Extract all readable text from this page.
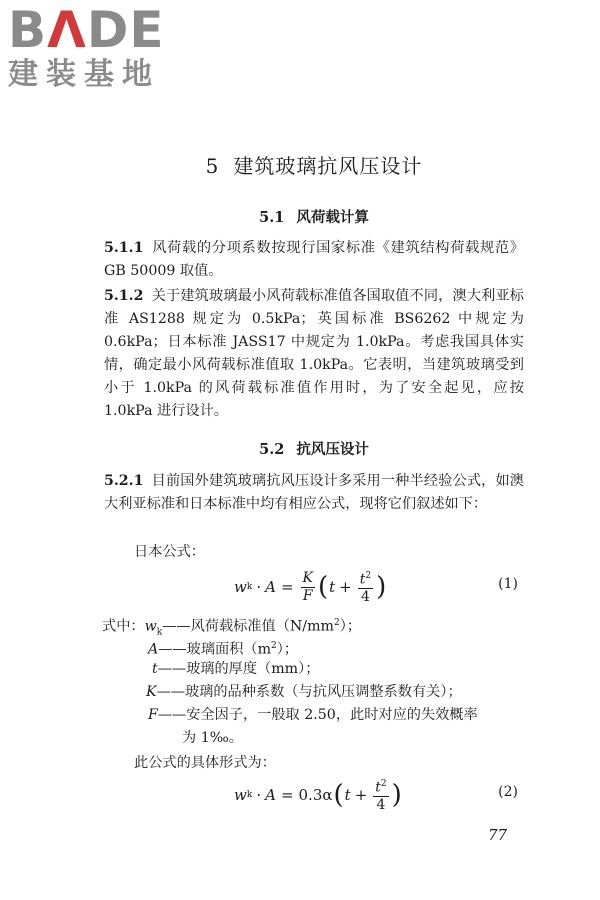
BΛDE
建装基地
5 建筑玻璃抗风压设计
5.1 风荷载计算
5.1.1 风荷载的分项系数按现行国家标准《建筑结构荷载规范》GB 50009 取值。
5.1.2 关于建筑玻璃最小风荷载标准值各国取值不同，澳大利亚标准 AS1288 规定为 0.5kPa；英国标准 BS6262 中规定为 0.6kPa；日本标准 JASS17 中规定为 1.0kPa。考虑我国具体实情，确定最小风荷载标准值取 1.0kPa。它表明，当建筑玻璃受到小于 1.0kPa 的风荷载标准值作用时，为了安全起见，应按 1.0kPa 进行设计。
5.2 抗风压设计
5.2.1 目前国外建筑玻璃抗风压设计多采用一种半经验公式，如澳大利亚标准和日本标准中均有相应公式，现将它们叙述如下：
日本公式：
w $k \cdot A = \frac{K}{F}$ ( $t + \frac{t^2}{4}$ )	(1)
式中：$w_k——$风荷载标准值$(N/mm^2)$；
A——玻璃面积$(m^2)$；
t——玻璃的厚度（mm）；
K——玻璃的品种系数（与抗风压调整系数有关）；
F——安全因子，一般取 2.50，此时对应的失效概率
为 1‰。
此公式的具体形式为：
w k · A = 0.3α ( $t + \frac{t^2}{4}$ )	(2)
77
